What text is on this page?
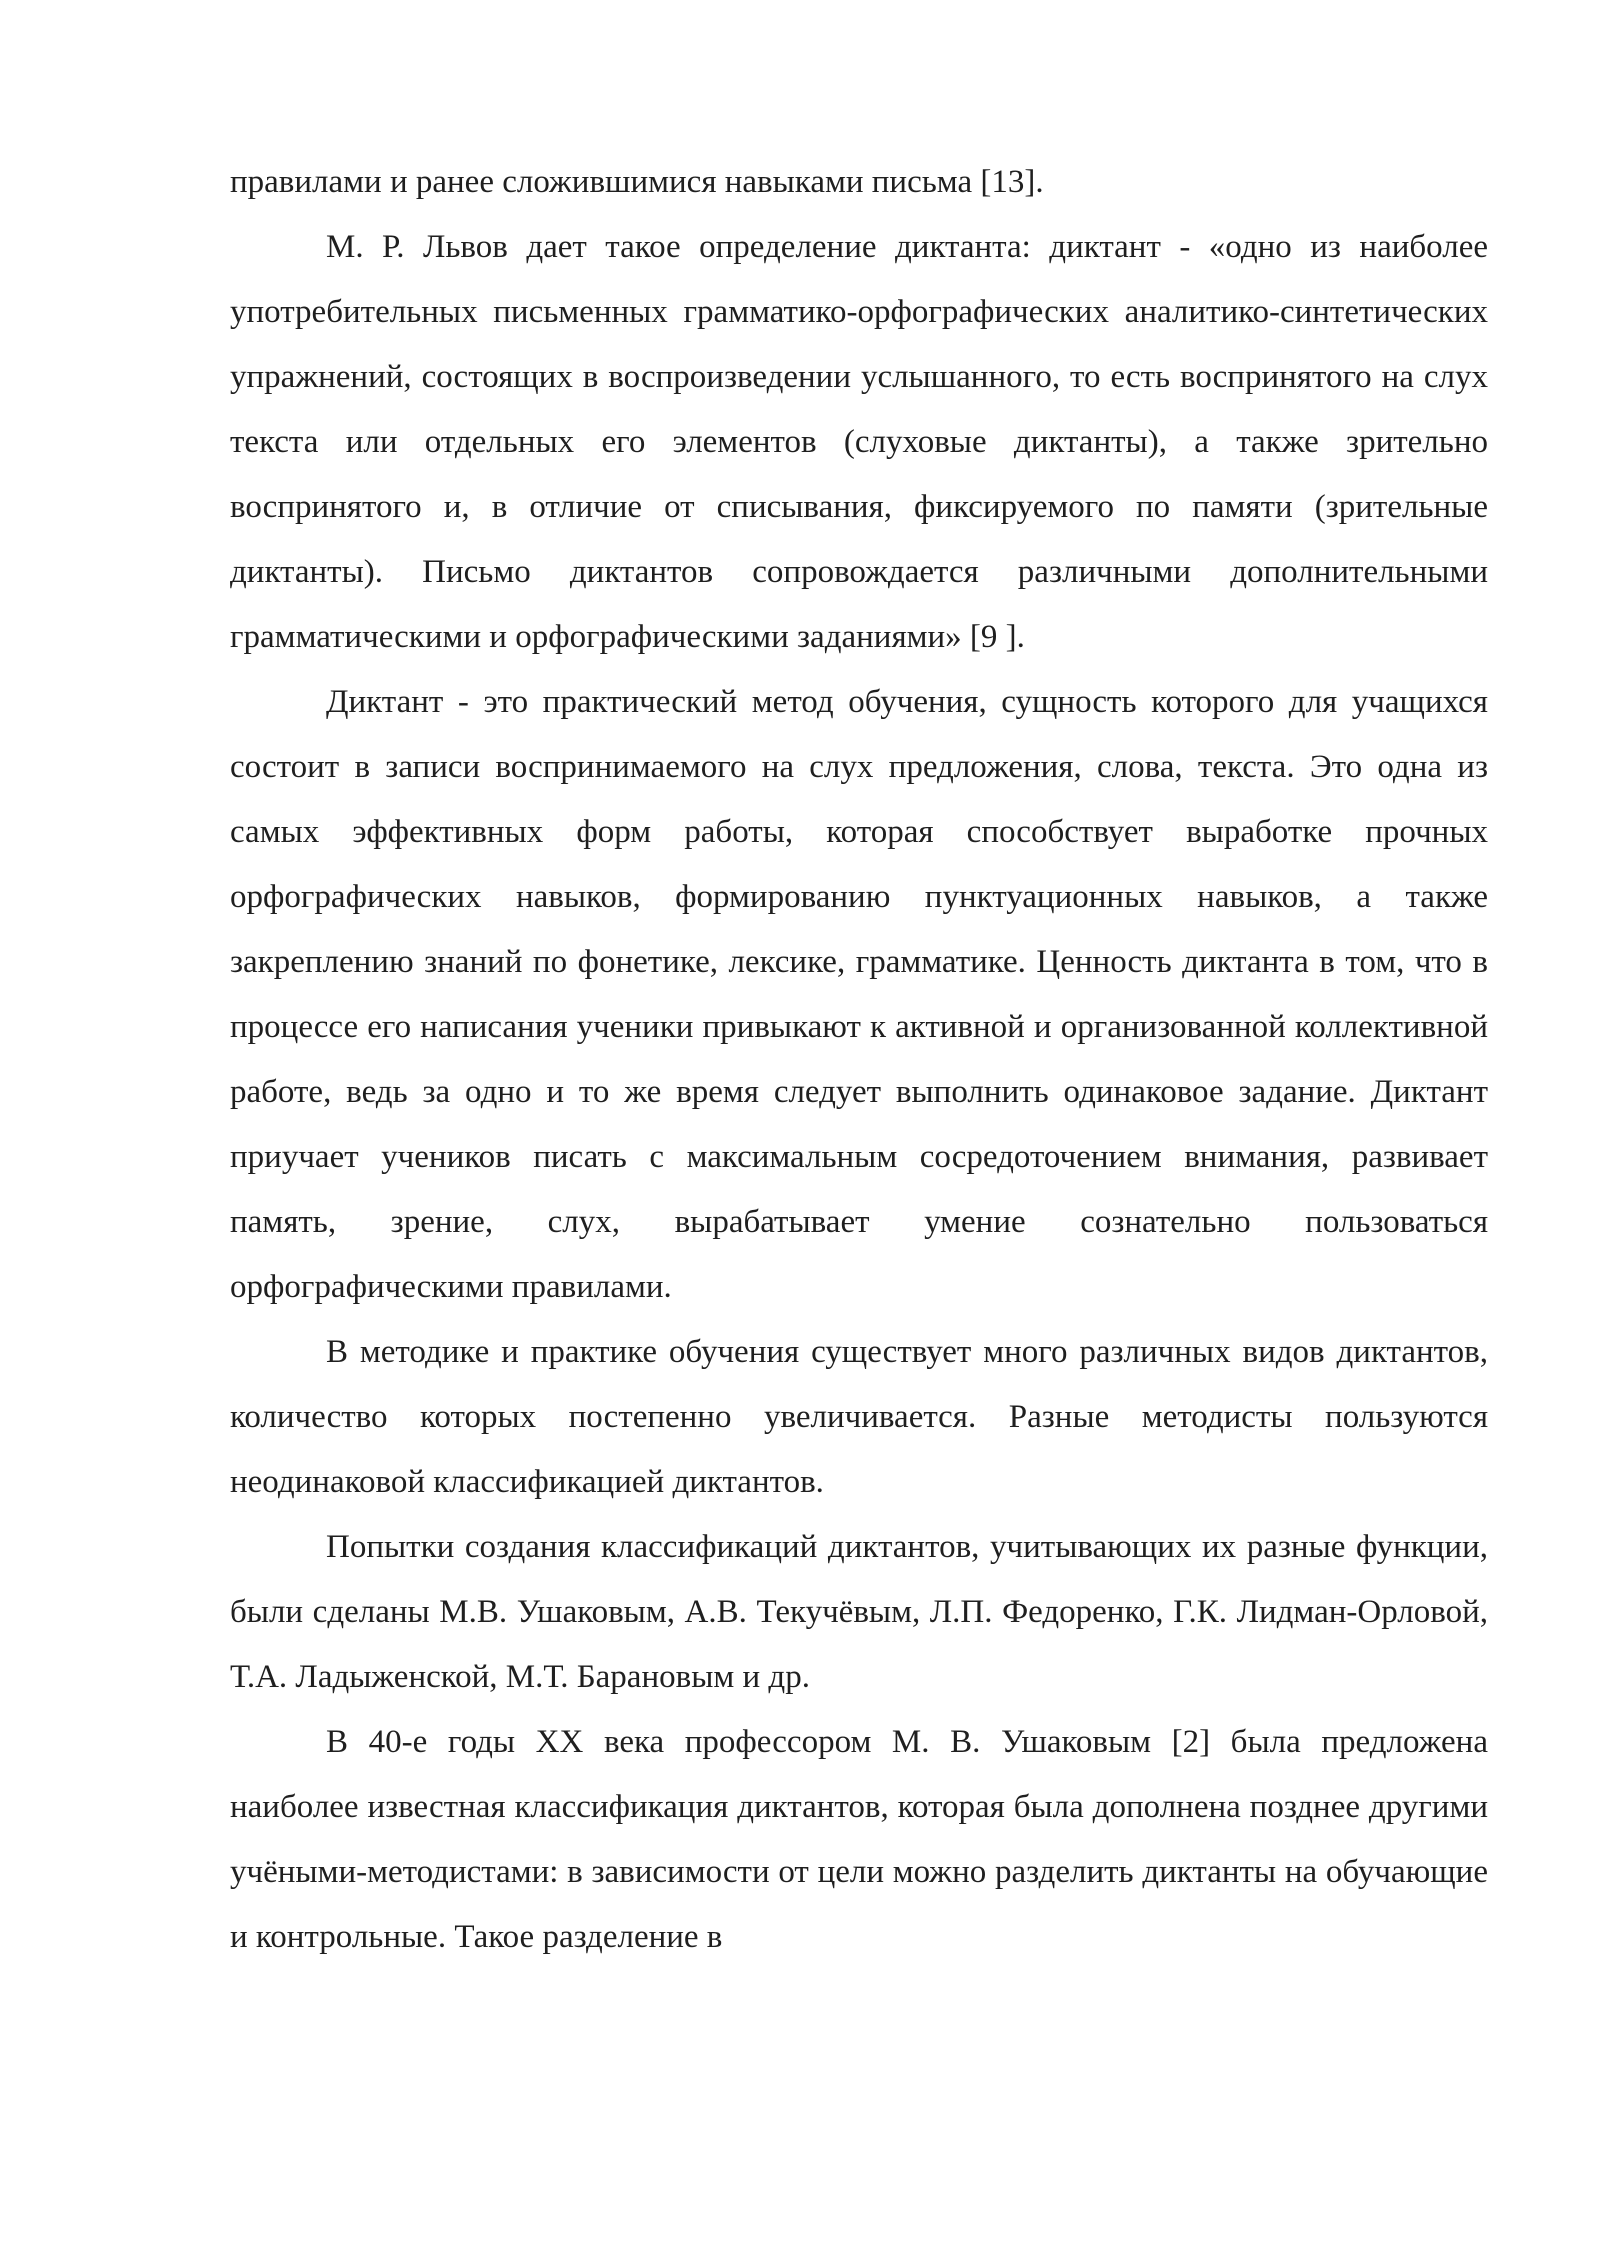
правилами и ранее сложившимися навыками письма [13].

М. Р. Львов дает такое определение диктанта: диктант - «одно из наиболее употребительных письменных грамматико-орфографических аналитико-синтетических упражнений, состоящих в воспроизведении услышанного, то есть воспринятого на слух текста или отдельных его элементов (слуховые диктанты), а также зрительно воспринятого и, в отличие от списывания, фиксируемого по памяти (зрительные диктанты). Письмо диктантов сопровождается различными дополнительными грамматическими и орфографическими заданиями» [9 ].

Диктант - это практический метод обучения, сущность которого для учащихся состоит в записи воспринимаемого на слух предложения, слова, текста. Это одна из самых эффективных форм работы, которая способствует выработке прочных орфографических навыков, формированию пунктуационных навыков, а также закреплению знаний по фонетике, лексике, грамматике. Ценность диктанта в том, что в процессе его написания ученики привыкают к активной и организованной коллективной работе, ведь за одно и то же время следует выполнить одинаковое задание. Диктант приучает учеников писать с максимальным сосредоточением внимания, развивает память, зрение, слух, вырабатывает умение сознательно пользоваться орфографическими правилами.

В методике и практике обучения существует много различных видов диктантов, количество которых постепенно увеличивается. Разные методисты пользуются неодинаковой классификацией диктантов.

Попытки создания классификаций диктантов, учитывающих их разные функции, были сделаны М.В. Ушаковым, А.В. Текучёвым, Л.П. Федоренко, Г.К. Лидман-Орловой, Т.А. Ладыженской, М.Т. Барановым и др.

В 40-е годы XX века профессором М. В. Ушаковым [2] была предложена наиболее известная классификация диктантов, которая была дополнена позднее другими учёными-методистами: в зависимости от цели можно разделить диктанты на обучающие и контрольные. Такое разделение в
